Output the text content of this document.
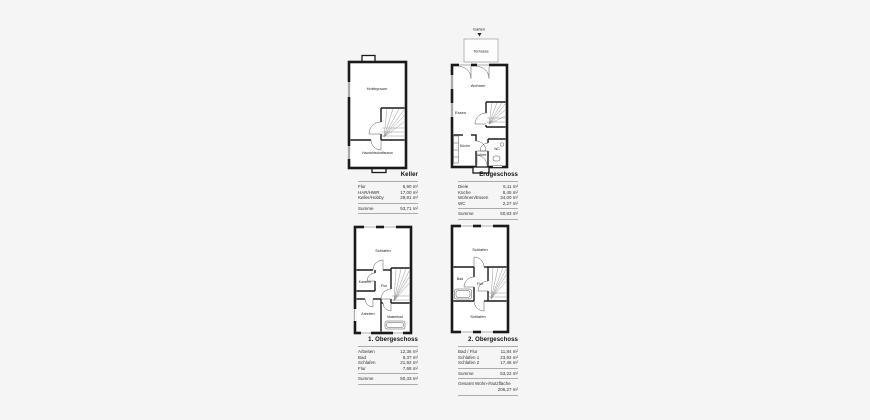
Hobbyraum
Hauswirtschaftsraum
Garten
Terrasse
Wohnen
Essen
Küche
Entree
WC
Schlafen
Kammer
Flur
Arbeiten
Masterbad
Schlafen
Bad
Flur
Schlafen
Keller
Flur	6,90 m²
HAR/HWR	17,00 m²
Keller/Hobby	29,81 m²
Summe	53,71 m²
Erdgeschoss
Diele	6,11 m²
Küche	8,45 m²
Wohnen/Essen	34,00 m²
WC	2,27 m²
Summe	50,83 m²
1. Obergeschoss
Arbeiten	12,36 m²
Bad	8,37 m²
Schlafen	21,92 m²
Flur	7,68 m²
Summe	50,33 m²
2. Obergeschoss
Bad / Flur	11,84 m²
Schlafen 1	23,92 m²
Schlafen 2	17,46 m²
Summe	53,22 m²
Gesamt Wohn-/Nutzfläche
206,27 m²
